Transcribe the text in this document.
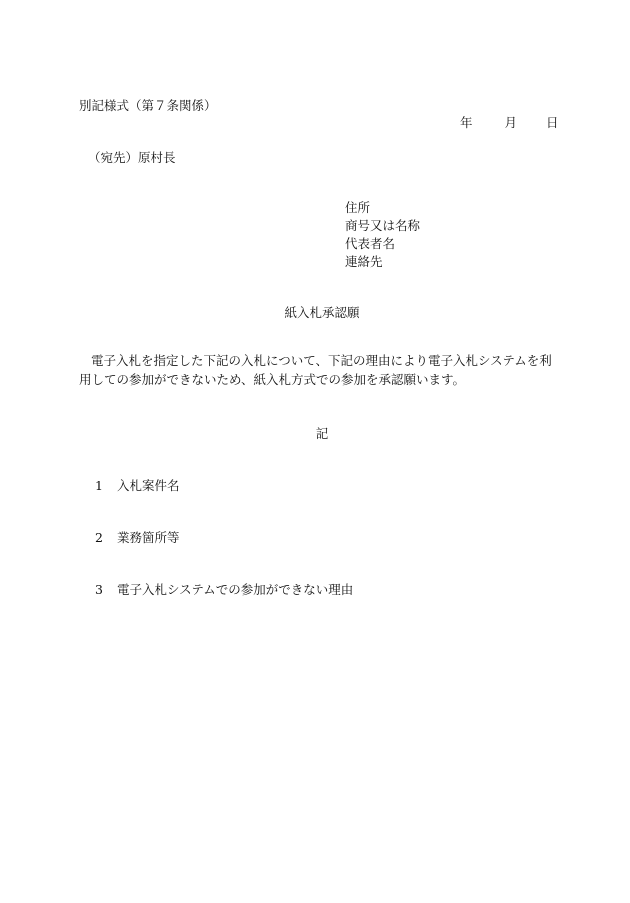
別記様式（第７条関係）
年	月 日
（宛先）原村長
住所
商号又は名称
代表者名
連絡先
紙入札承認願
電子入札を指定した下記の入札について、下記の理由により電子入札システムを利用しての参加ができないため、紙入札方式での参加を承認願います。
記
1 入札案件名
2 業務箇所等
3 電子入札システムでの参加ができない理由
